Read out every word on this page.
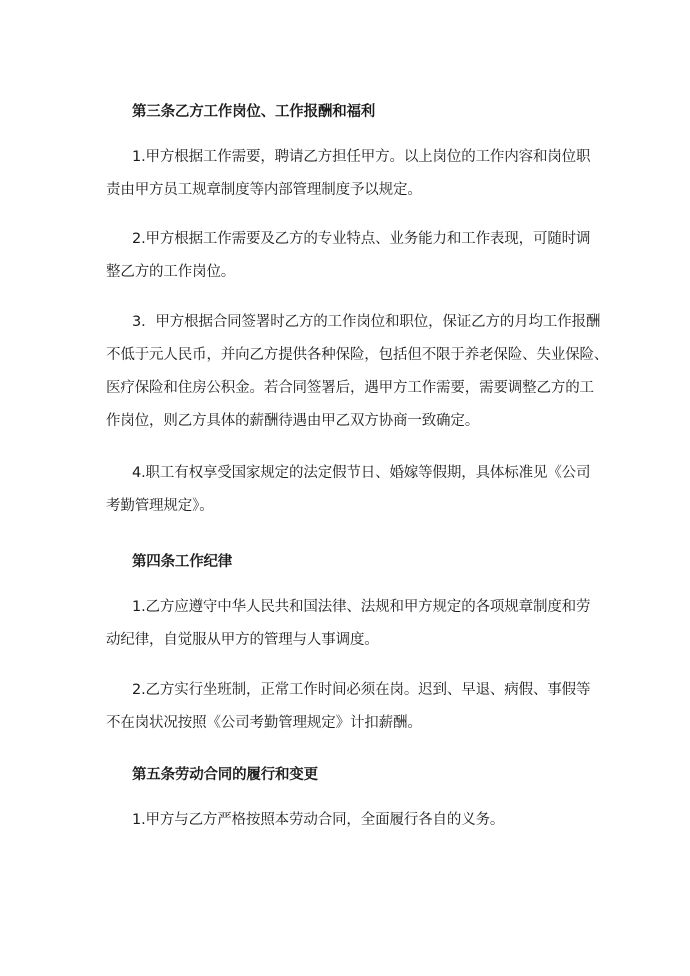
第三条乙方工作岗位、工作报酬和福利
1.甲方根据工作需要，聘请乙方担任甲方。以上岗位的工作内容和岗位职
责由甲方员工规章制度等内部管理制度予以规定。
2.甲方根据工作需要及乙方的专业特点、业务能力和工作表现，可随时调
整乙方的工作岗位。
3．甲方根据合同签署时乙方的工作岗位和职位，保证乙方的月均工作报酬
不低于元人民币，并向乙方提供各种保险，包括但不限于养老保险、失业保险、
医疗保险和住房公积金。若合同签署后，遇甲方工作需要，需要调整乙方的工
作岗位，则乙方具体的薪酬待遇由甲乙双方协商一致确定。
4.职工有权享受国家规定的法定假节日、婚嫁等假期，具体标准见《公司
考勤管理规定》。
第四条工作纪律
1.乙方应遵守中华人民共和国法律、法规和甲方规定的各项规章制度和劳
动纪律，自觉服从甲方的管理与人事调度。
2.乙方实行坐班制，正常工作时间必须在岗。迟到、早退、病假、事假等
不在岗状况按照《公司考勤管理规定》计扣薪酬。
第五条劳动合同的履行和变更
1.甲方与乙方严格按照本劳动合同，全面履行各自的义务。
